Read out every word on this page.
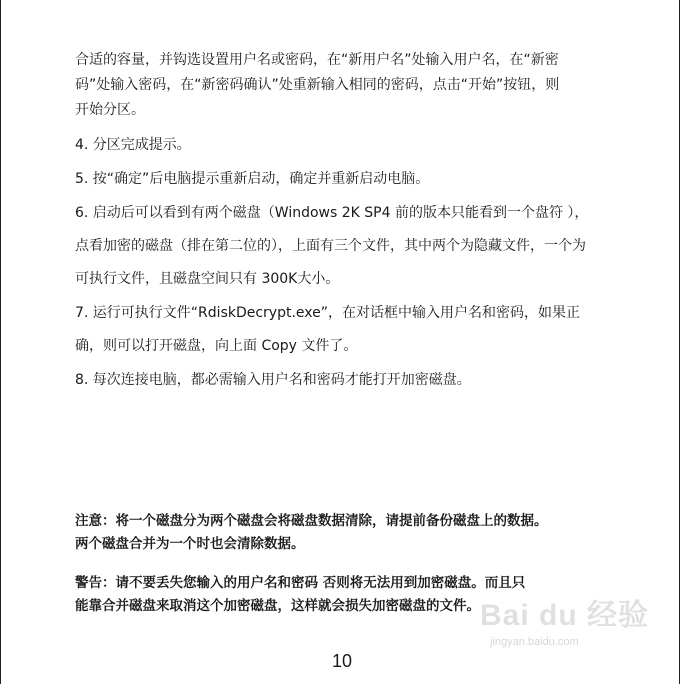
合适的容量，并钩选设置用户名或密码，在“新用户名”处输入用户名，在“新密
码”处输入密码，在“新密码确认”处重新输入相同的密码，点击“开始”按钮，则
开始分区。

4. 分区完成提示。

5. 按“确定”后电脑提示重新启动，确定并重新启动电脑。

6. 启动后可以看到有两个磁盘（Windows 2K SP4 前的版本只能看到一个盘符 ），
点看加密的磁盘（排在第二位的），上面有三个文件，其中两个为隐藏文件，一个为
可执行文件，且磁盘空间只有 300K大小。

7. 运行可执行文件“RdiskDecrypt.exe”，在对话框中输入用户名和密码，如果正
确，则可以打开磁盘，向上面 Copy 文件了。

8. 每次连接电脑，都必需输入用户名和密码才能打开加密磁盘。

注意：将一个磁盘分为两个磁盘会将磁盘数据清除，请提前备份磁盘上的数据。
两个磁盘合并为一个时也会清除数据。

警告：请不要丢失您输入的用户名和密码 否则将无法用到加密磁盘。而且只
能靠合并磁盘来取消这个加密磁盘，这样就会损失加密磁盘的文件。 Bai du 经验
jingyan.baidu.com
10
